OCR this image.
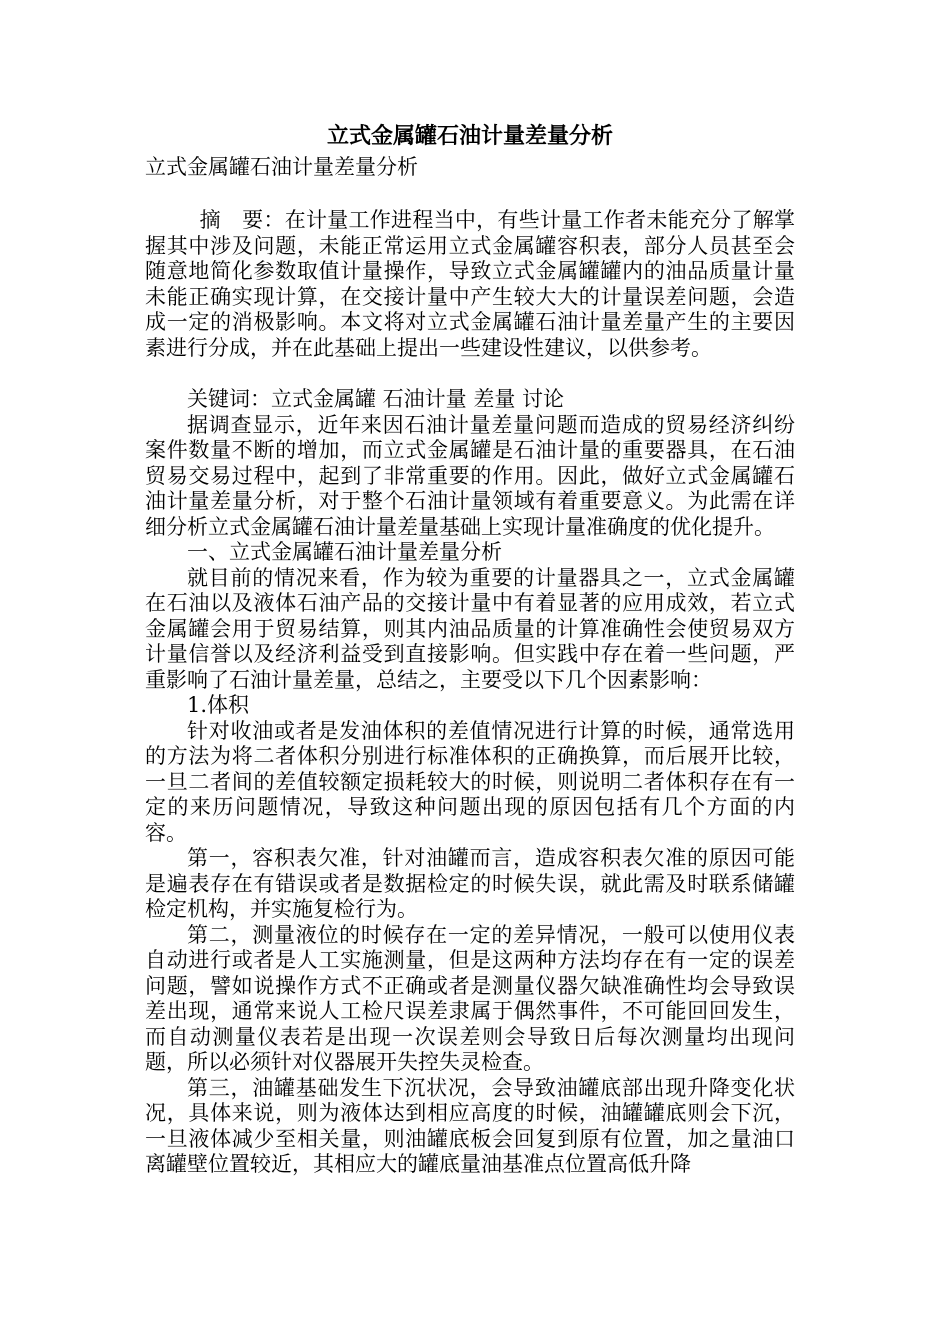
立式金属罐石油计量差量分析

立式金属罐石油计量差量分析

摘　要：在计量工作进程当中，有些计量工作者未能充分了解掌握其中涉及问题，未能正常运用立式金属罐容积表，部分人员甚至会随意地简化参数取值计量操作，导致立式金属罐罐内的油品质量计量未能正确实现计算，在交接计量中产生较大大的计量误差问题，会造成一定的消极影响。本文将对立式金属罐石油计量差量产生的主要因素进行分成，并在此基础上提出一些建设性建议，以供参考。

关键词：立式金属罐 石油计量 差量 讨论

据调查显示，近年来因石油计量差量问题而造成的贸易经济纠纷案件数量不断的增加，而立式金属罐是石油计量的重要器具，在石油贸易交易过程中，起到了非常重要的作用。因此，做好立式金属罐石油计量差量分析，对于整个石油计量领域有着重要意义。为此需在详细分析立式金属罐石油计量差量基础上实现计量准确度的优化提升。

一、立式金属罐石油计量差量分析

就目前的情况来看，作为较为重要的计量器具之一，立式金属罐在石油以及液体石油产品的交接计量中有着显著的应用成效，若立式金属罐会用于贸易结算，则其内油品质量的计算准确性会使贸易双方计量信誉以及经济利益受到直接影响。但实践中存在着一些问题，严重影响了石油计量差量，总结之，主要受以下几个因素影响：

1.体积

针对收油或者是发油体积的差值情况进行计算的时候，通常选用的方法为将二者体积分别进行标准体积的正确换算，而后展开比较，一旦二者间的差值较额定损耗较大的时候，则说明二者体积存在有一定的来历问题情况，导致这种问题出现的原因包括有几个方面的内容。

第一，容积表欠准，针对油罐而言，造成容积表欠准的原因可能是遍表存在有错误或者是数据检定的时候失误，就此需及时联系储罐检定机构，并实施复检行为。

第二，测量液位的时候存在一定的差异情况，一般可以使用仪表自动进行或者是人工实施测量，但是这两种方法均存在有一定的误差问题，譬如说操作方式不正确或者是测量仪器欠缺准确性均会导致误差出现，通常来说人工检尺误差隶属于偶然事件，不可能回回发生，而自动测量仪表若是出现一次误差则会导致日后每次测量均出现问题，所以必须针对仪器展开失控失灵检查。

第三，油罐基础发生下沉状况，会导致油罐底部出现升降变化状况，具体来说，则为液体达到相应高度的时候，油罐罐底则会下沉，一旦液体减少至相关量，则油罐底板会回复到原有位置，加之量油口离罐壁位置较近，其相应大的罐底量油基准点位置高低升降
